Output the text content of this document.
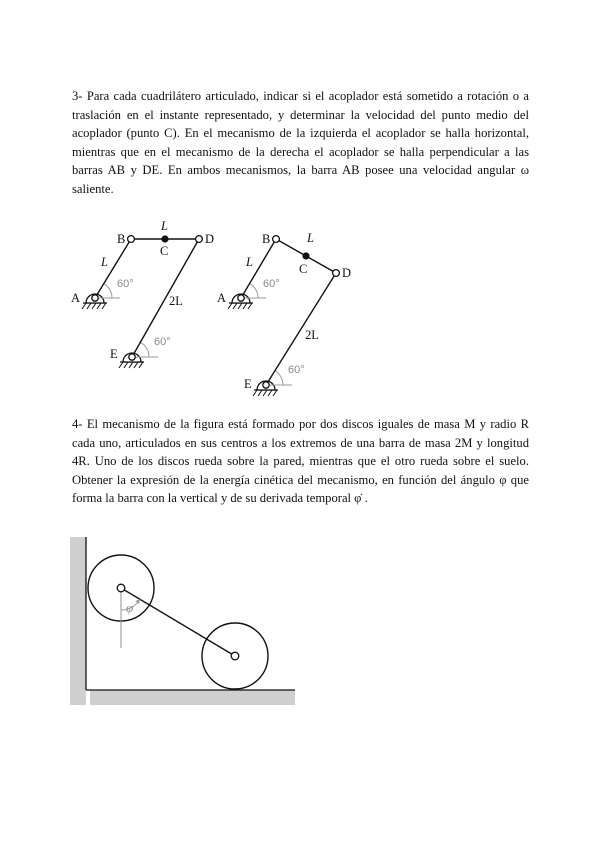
3- Para cada cuadrilátero articulado, indicar si el acoplador está sometido a rotación o a traslación en el instante representado, y determinar la velocidad del punto medio del acoplador (punto C). En el mecanismo de la izquierda el acoplador se halla horizontal, mientras que en el mecanismo de la derecha el acoplador se halla perpendicular a las barras AB y DE. En ambos mecanismos, la barra AB posee una velocidad angular ω saliente.

A
B
C
D
E
L
L
2L
60°
60°
A
B
C	D
E
L
L
2L
60°
60°

4- El mecanismo de la figura está formado por dos discos iguales de masa M y radio R cada uno, articulados en sus centros a los extremos de una barra de masa 2M y longitud 4R. Uno de los discos rueda sobre la pared, mientras que el otro rueda sobre el suelo. Obtener la expresión de la energía cinética del mecanismo, en función del ángulo φ que forma la barra con la vertical y de su derivada temporal φ̇ .

φ
